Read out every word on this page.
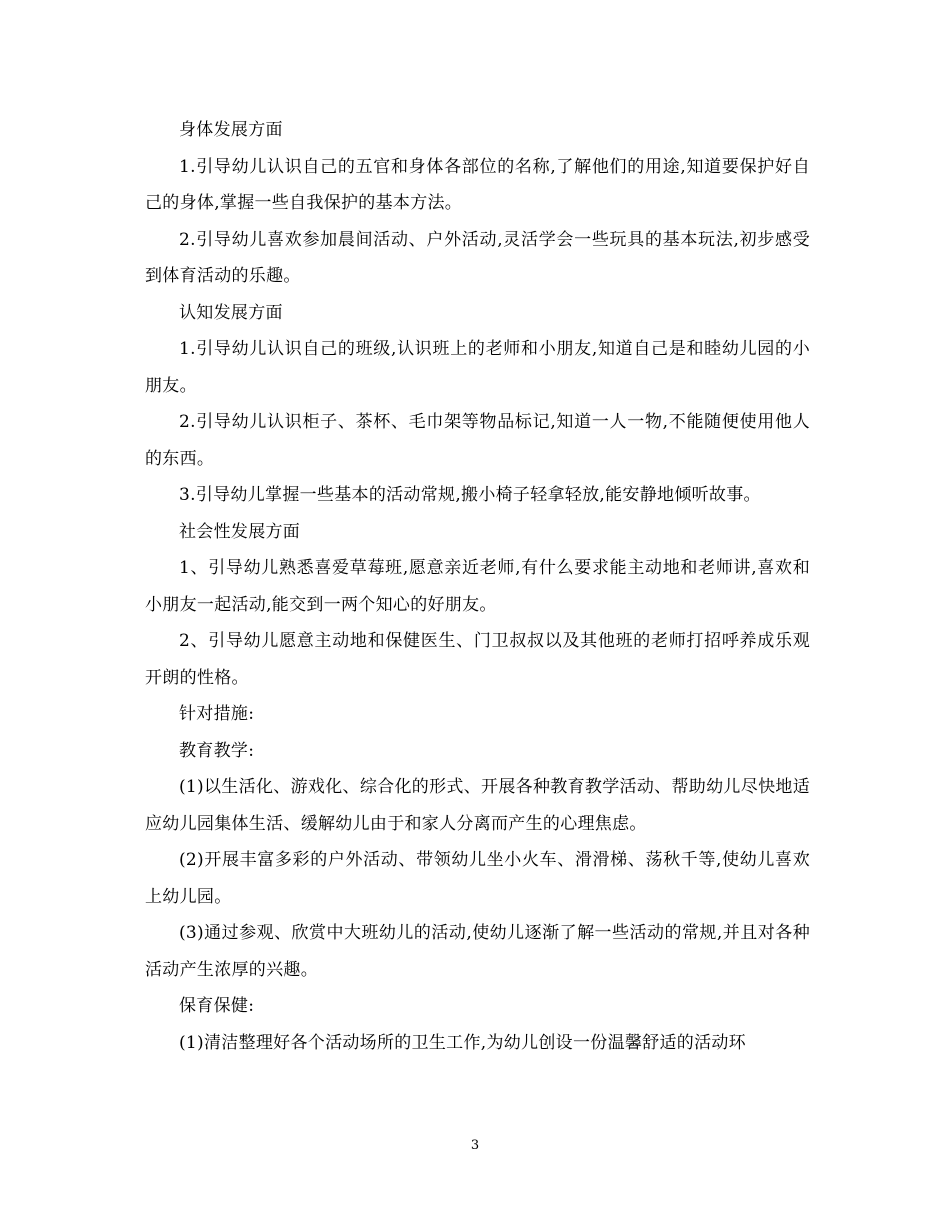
身体发展方面

1.引导幼儿认识自己的五官和身体各部位的名称,了解他们的用途,知道要保护好自己的身体,掌握一些自我保护的基本方法。

2.引导幼儿喜欢参加晨间活动、户外活动,灵活学会一些玩具的基本玩法,初步感受到体育活动的乐趣。

认知发展方面

1.引导幼儿认识自己的班级,认识班上的老师和小朋友,知道自己是和睦幼儿园的小朋友。

2.引导幼儿认识柜子、茶杯、毛巾架等物品标记,知道一人一物,不能随便使用他人的东西。

3.引导幼儿掌握一些基本的活动常规,搬小椅子轻拿轻放,能安静地倾听故事。

社会性发展方面

1、引导幼儿熟悉喜爱草莓班,愿意亲近老师,有什么要求能主动地和老师讲,喜欢和小朋友一起活动,能交到一两个知心的好朋友。

2、引导幼儿愿意主动地和保健医生、门卫叔叔以及其他班的老师打招呼养成乐观开朗的性格。

针对措施:

教育教学:

(1)以生活化、游戏化、综合化的形式、开展各种教育教学活动、帮助幼儿尽快地适应幼儿园集体生活、缓解幼儿由于和家人分离而产生的心理焦虑。

(2)开展丰富多彩的户外活动、带领幼儿坐小火车、滑滑梯、荡秋千等,使幼儿喜欢上幼儿园。

(3)通过参观、欣赏中大班幼儿的活动,使幼儿逐渐了解一些活动的常规,并且对各种活动产生浓厚的兴趣。

保育保健:

(1)清洁整理好各个活动场所的卫生工作,为幼儿创设一份温馨舒适的活动环

3
